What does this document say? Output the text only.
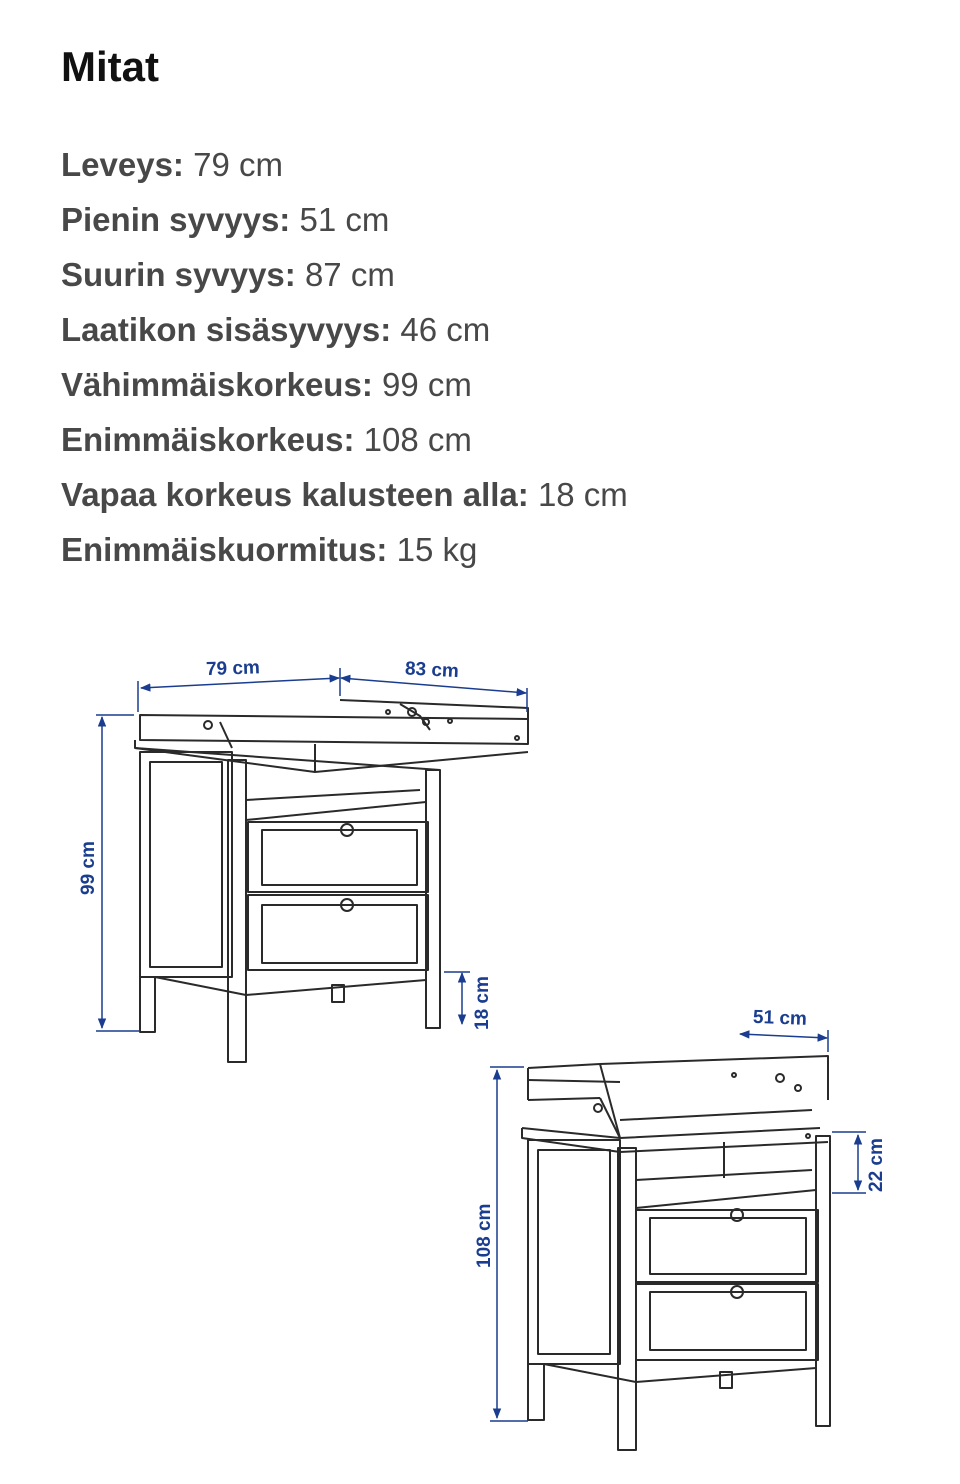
Mitat
Leveys: 79 cm
Pienin syvyys: 51 cm
Suurin syvyys: 87 cm
Laatikon sisäsyvyys: 46 cm
Vähimmäiskorkeus: 99 cm
Enimmäiskorkeus: 108 cm
Vapaa korkeus kalusteen alla: 18 cm
Enimmäiskuormitus: 15 kg
79 cm	83 cm
99 cm
18 cm	51 cm
108 cm
22 cm
